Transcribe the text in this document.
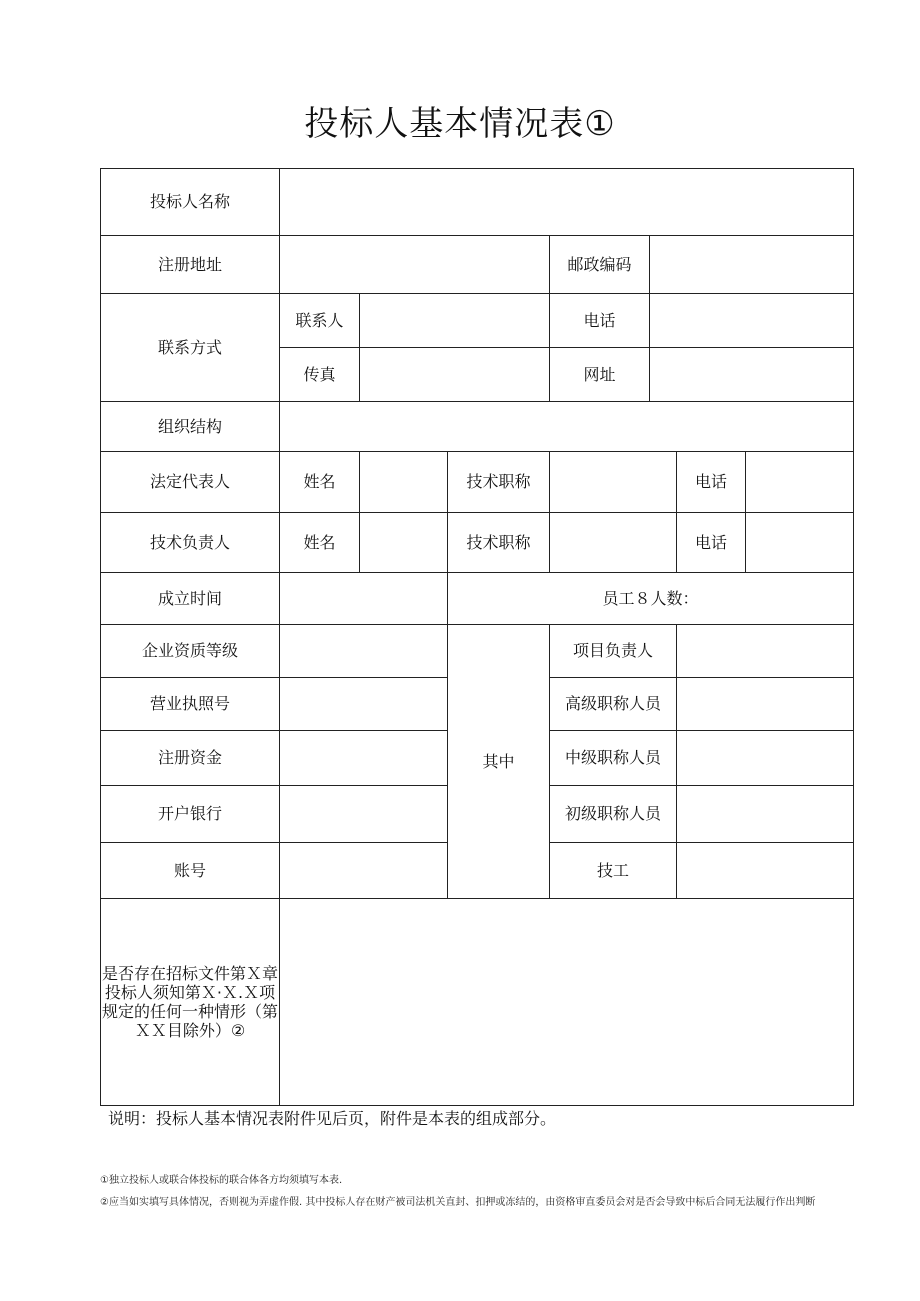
投标人基本情况表①
投标人名称							
注册地址				邮政编码			
联系方式	联系人			电话			
	传真			网址			
组织结构							
法定代表人	姓名		技术职称			电话	
技术负责人	姓名		技术职称			电话	
成立时间			员工８人数：				
企业资质等级			其中	项目负责人			
营业执照号				高级职称人员			
注册资金				中级职称人员			
开户银行				初级职称人员			
账号				技工			
是否存在招标文件第Ｘ章投标人须知第Ｘ·Ｘ.Ｘ项规定的任何一种情形（第ＸＸ目除外）②							
说明：投标人基本情况表附件见后页，附件是本表的组成部分。
①独立投标人或联合体投标的联合体各方均须填写本表.
②应当如实填写具体情况，否则视为弄虚作假. 其中投标人存在财产被司法机关直封、扣押或冻结的，由资格审直委员会对是否会导致中标后合同无法履行作出判断
